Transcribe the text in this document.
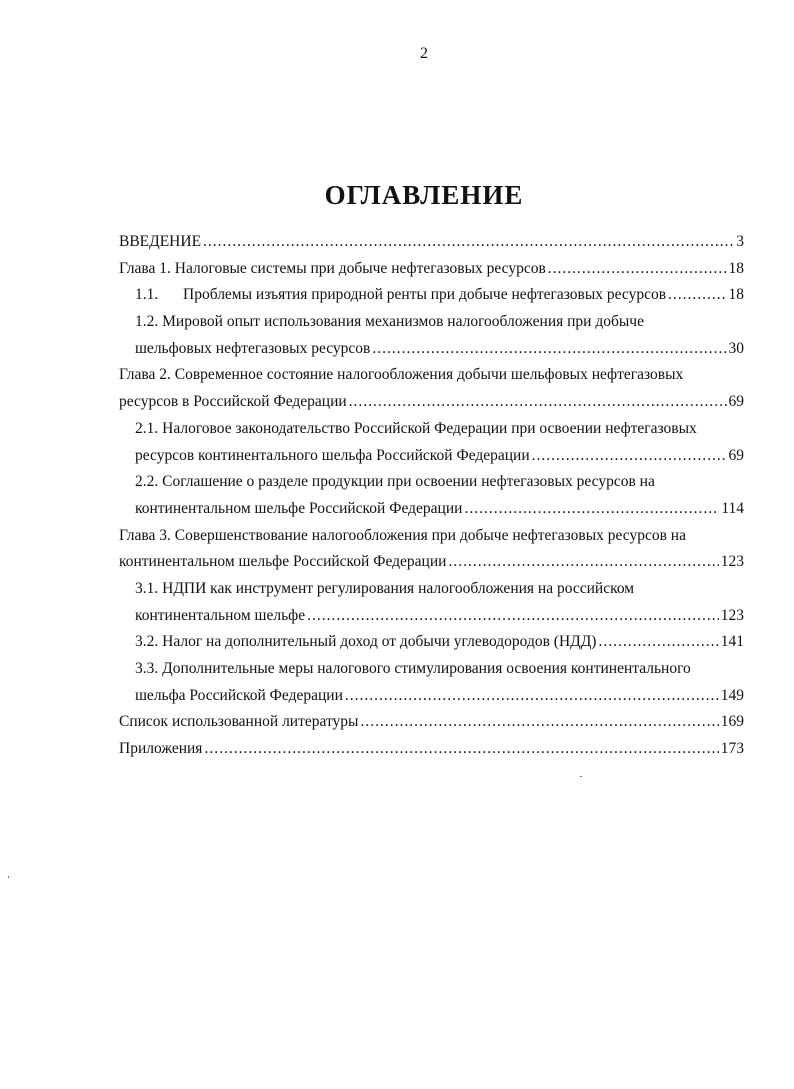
2
ОГЛАВЛЕНИЕ
ВВЕДЕНИЕ .....	3
Глава 1. Налоговые системы при добыче нефтегазовых ресурсов .....	18
1.1.	Проблемы изъятия природной ренты при добыче нефтегазовых ресурсов .....	18
1.2. Мировой опыт использования механизмов налогообложения при добыче
шельфовых нефтегазовых ресурсов .....	30
Глава 2. Современное состояние налогообложения добычи шельфовых нефтегазовых
ресурсов в Российской Федерации .....	69
2.1. Налоговое законодательство Российской Федерации при освоении нефтегазовых
ресурсов континентального шельфа Российской Федерации .....	69
2.2. Соглашение о разделе продукции при освоении нефтегазовых ресурсов на
континентальном шельфе Российской Федерации .....	114
Глава 3. Совершенствование налогообложения при добыче нефтегазовых ресурсов на
континентальном шельфе Российской Федерации .....	123
3.1. НДПИ как инструмент регулирования налогообложения на российском
континентальном шельфе .....	123
3.2. Налог на дополнительный доход от добычи углеводородов (НДД) .....	141
3.3. Дополнительные меры налогового стимулирования освоения континентального
шельфа Российской Федерации .....	149
Список использованной литературы .....	169
Приложения .....	173
